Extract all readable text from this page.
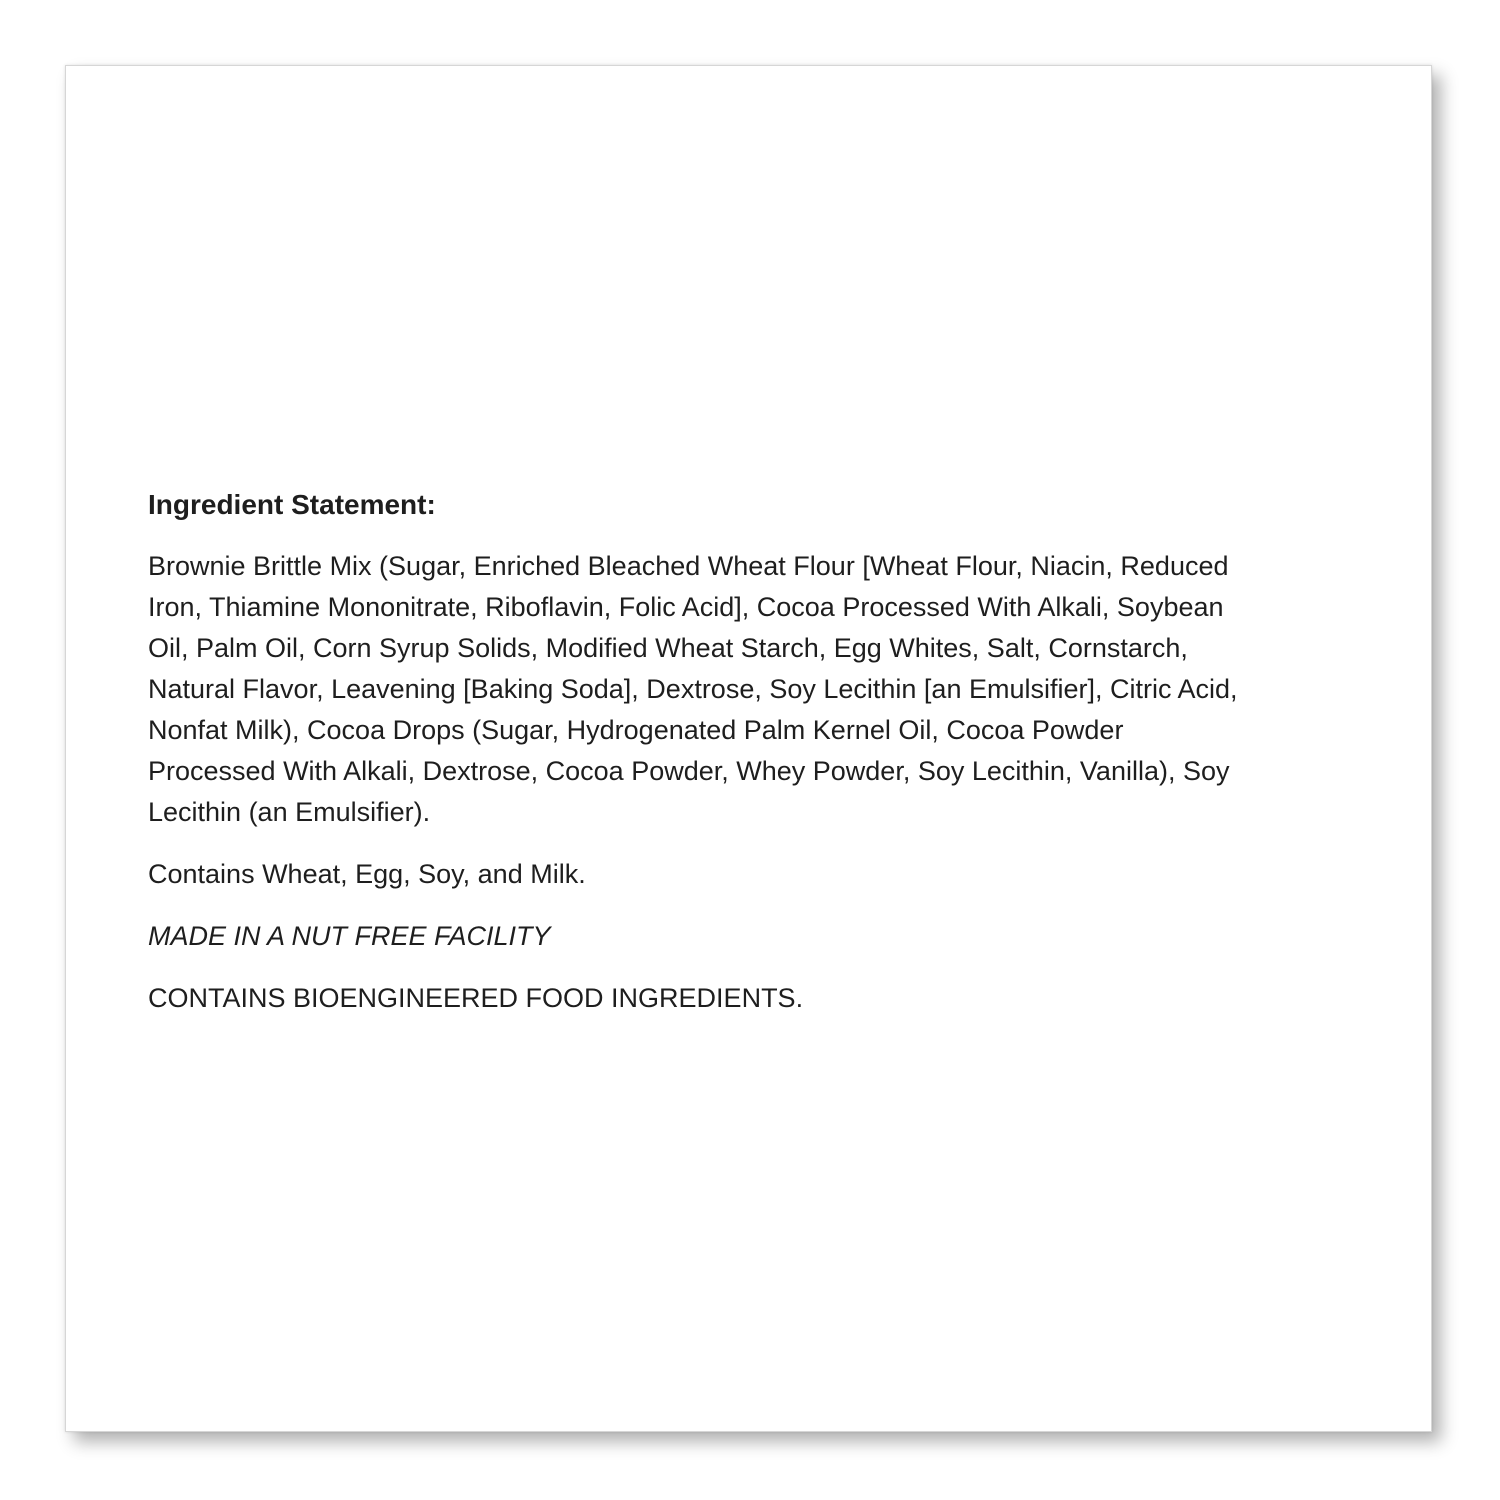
Ingredient Statement:
Brownie Brittle Mix (Sugar, Enriched Bleached Wheat Flour [Wheat Flour, Niacin, Reduced
Iron, Thiamine Mononitrate, Riboflavin, Folic Acid], Cocoa Processed With Alkali, Soybean
Oil, Palm Oil, Corn Syrup Solids, Modified Wheat Starch, Egg Whites, Salt, Cornstarch,
Natural Flavor, Leavening [Baking Soda], Dextrose, Soy Lecithin [an Emulsifier], Citric Acid,
Nonfat Milk), Cocoa Drops (Sugar, Hydrogenated Palm Kernel Oil, Cocoa Powder
Processed With Alkali, Dextrose, Cocoa Powder, Whey Powder, Soy Lecithin, Vanilla), Soy
Lecithin (an Emulsifier).

Contains Wheat, Egg, Soy, and Milk.

MADE IN A NUT FREE FACILITY

CONTAINS BIOENGINEERED FOOD INGREDIENTS.
